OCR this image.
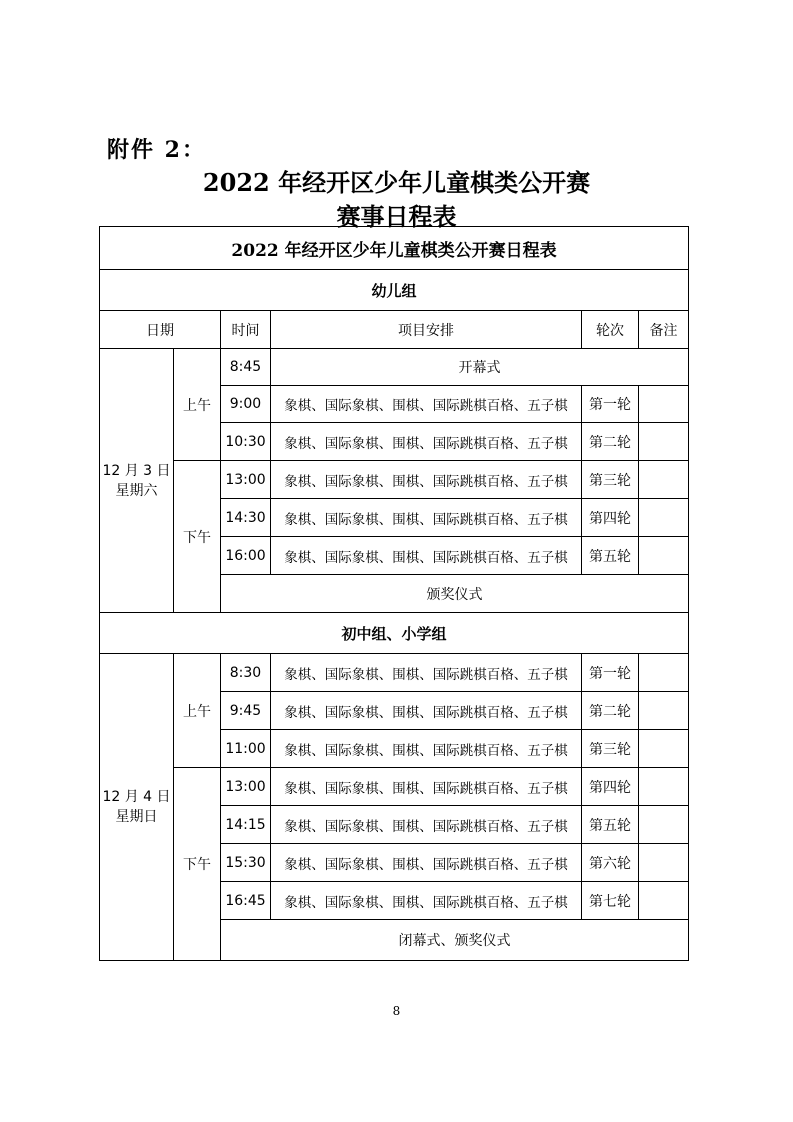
附件 2：
2022 年经开区少年儿童棋类公开赛
赛事日程表
2022 年经开区少年儿童棋类公开赛日程表					
幼儿组					
日期		时间	项目安排	轮次	备注
12 月 3 日
星期六	上午	8:45	开幕式		
		9:00	象棋、国际象棋、围棋、国际跳棋百格、五子棋	第一轮	
		10:30	象棋、国际象棋、围棋、国际跳棋百格、五子棋	第二轮	
	下午	13:00	象棋、国际象棋、围棋、国际跳棋百格、五子棋	第三轮	
		14:30	象棋、国际象棋、围棋、国际跳棋百格、五子棋	第四轮	
		16:00	象棋、国际象棋、围棋、国际跳棋百格、五子棋	第五轮	
		颁奖仪式			
初中组、小学组					
12 月 4 日
星期日	上午	8:30	象棋、国际象棋、围棋、国际跳棋百格、五子棋	第一轮	
		9:45	象棋、国际象棋、围棋、国际跳棋百格、五子棋	第二轮	
		11:00	象棋、国际象棋、围棋、国际跳棋百格、五子棋	第三轮	
	下午	13:00	象棋、国际象棋、围棋、国际跳棋百格、五子棋	第四轮	
		14:15	象棋、国际象棋、围棋、国际跳棋百格、五子棋	第五轮	
		15:30	象棋、国际象棋、围棋、国际跳棋百格、五子棋	第六轮	
		16:45	象棋、国际象棋、围棋、国际跳棋百格、五子棋	第七轮	
		闭幕式、颁奖仪式			
8
